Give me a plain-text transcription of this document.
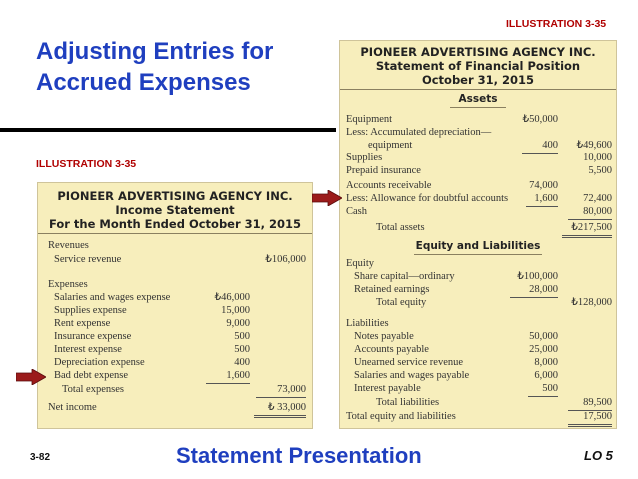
Adjusting Entries for
Accrued Expenses
ILLUSTRATION 3-35
ILLUSTRATION 3-35
PIONEER ADVERTISING AGENCY INC.
Income Statement
For the Month Ended October 31, 2015
Revenues
Service revenue	₺106,000
Expenses
Salaries and wages expense	₺46,000
Supplies expense	15,000
Rent expense	9,000
Insurance expense	500
Interest expense	500
Depreciation expense	400
Bad debt expense	1,600
Total expenses	73,000
Net income	₺ 33,000
PIONEER ADVERTISING AGENCY INC.
Statement of Financial Position
October 31, 2015
Assets
Equipment	₺50,000
Less: Accumulated depreciation—
equipment	400 ₺49,600
Supplies	10,000
Prepaid insurance	5,500
Accounts receivable	74,000
Less: Allowance for doubtful accounts	1,600 72,400
Cash	80,000
Total assets	₺217,500
Equity and Liabilities
Equity
Share capital—ordinary	₺100,000
Retained earnings	28,000
Total equity	₺128,000
Liabilities
Notes payable	50,000
Accounts payable	25,000
Unearned service revenue	8,000
Salaries and wages payable	6,000
Interest payable	500
Total liabilities	89,500
Total equity and liabilities	17,500
3-82	Statement Presentation	LO 5
